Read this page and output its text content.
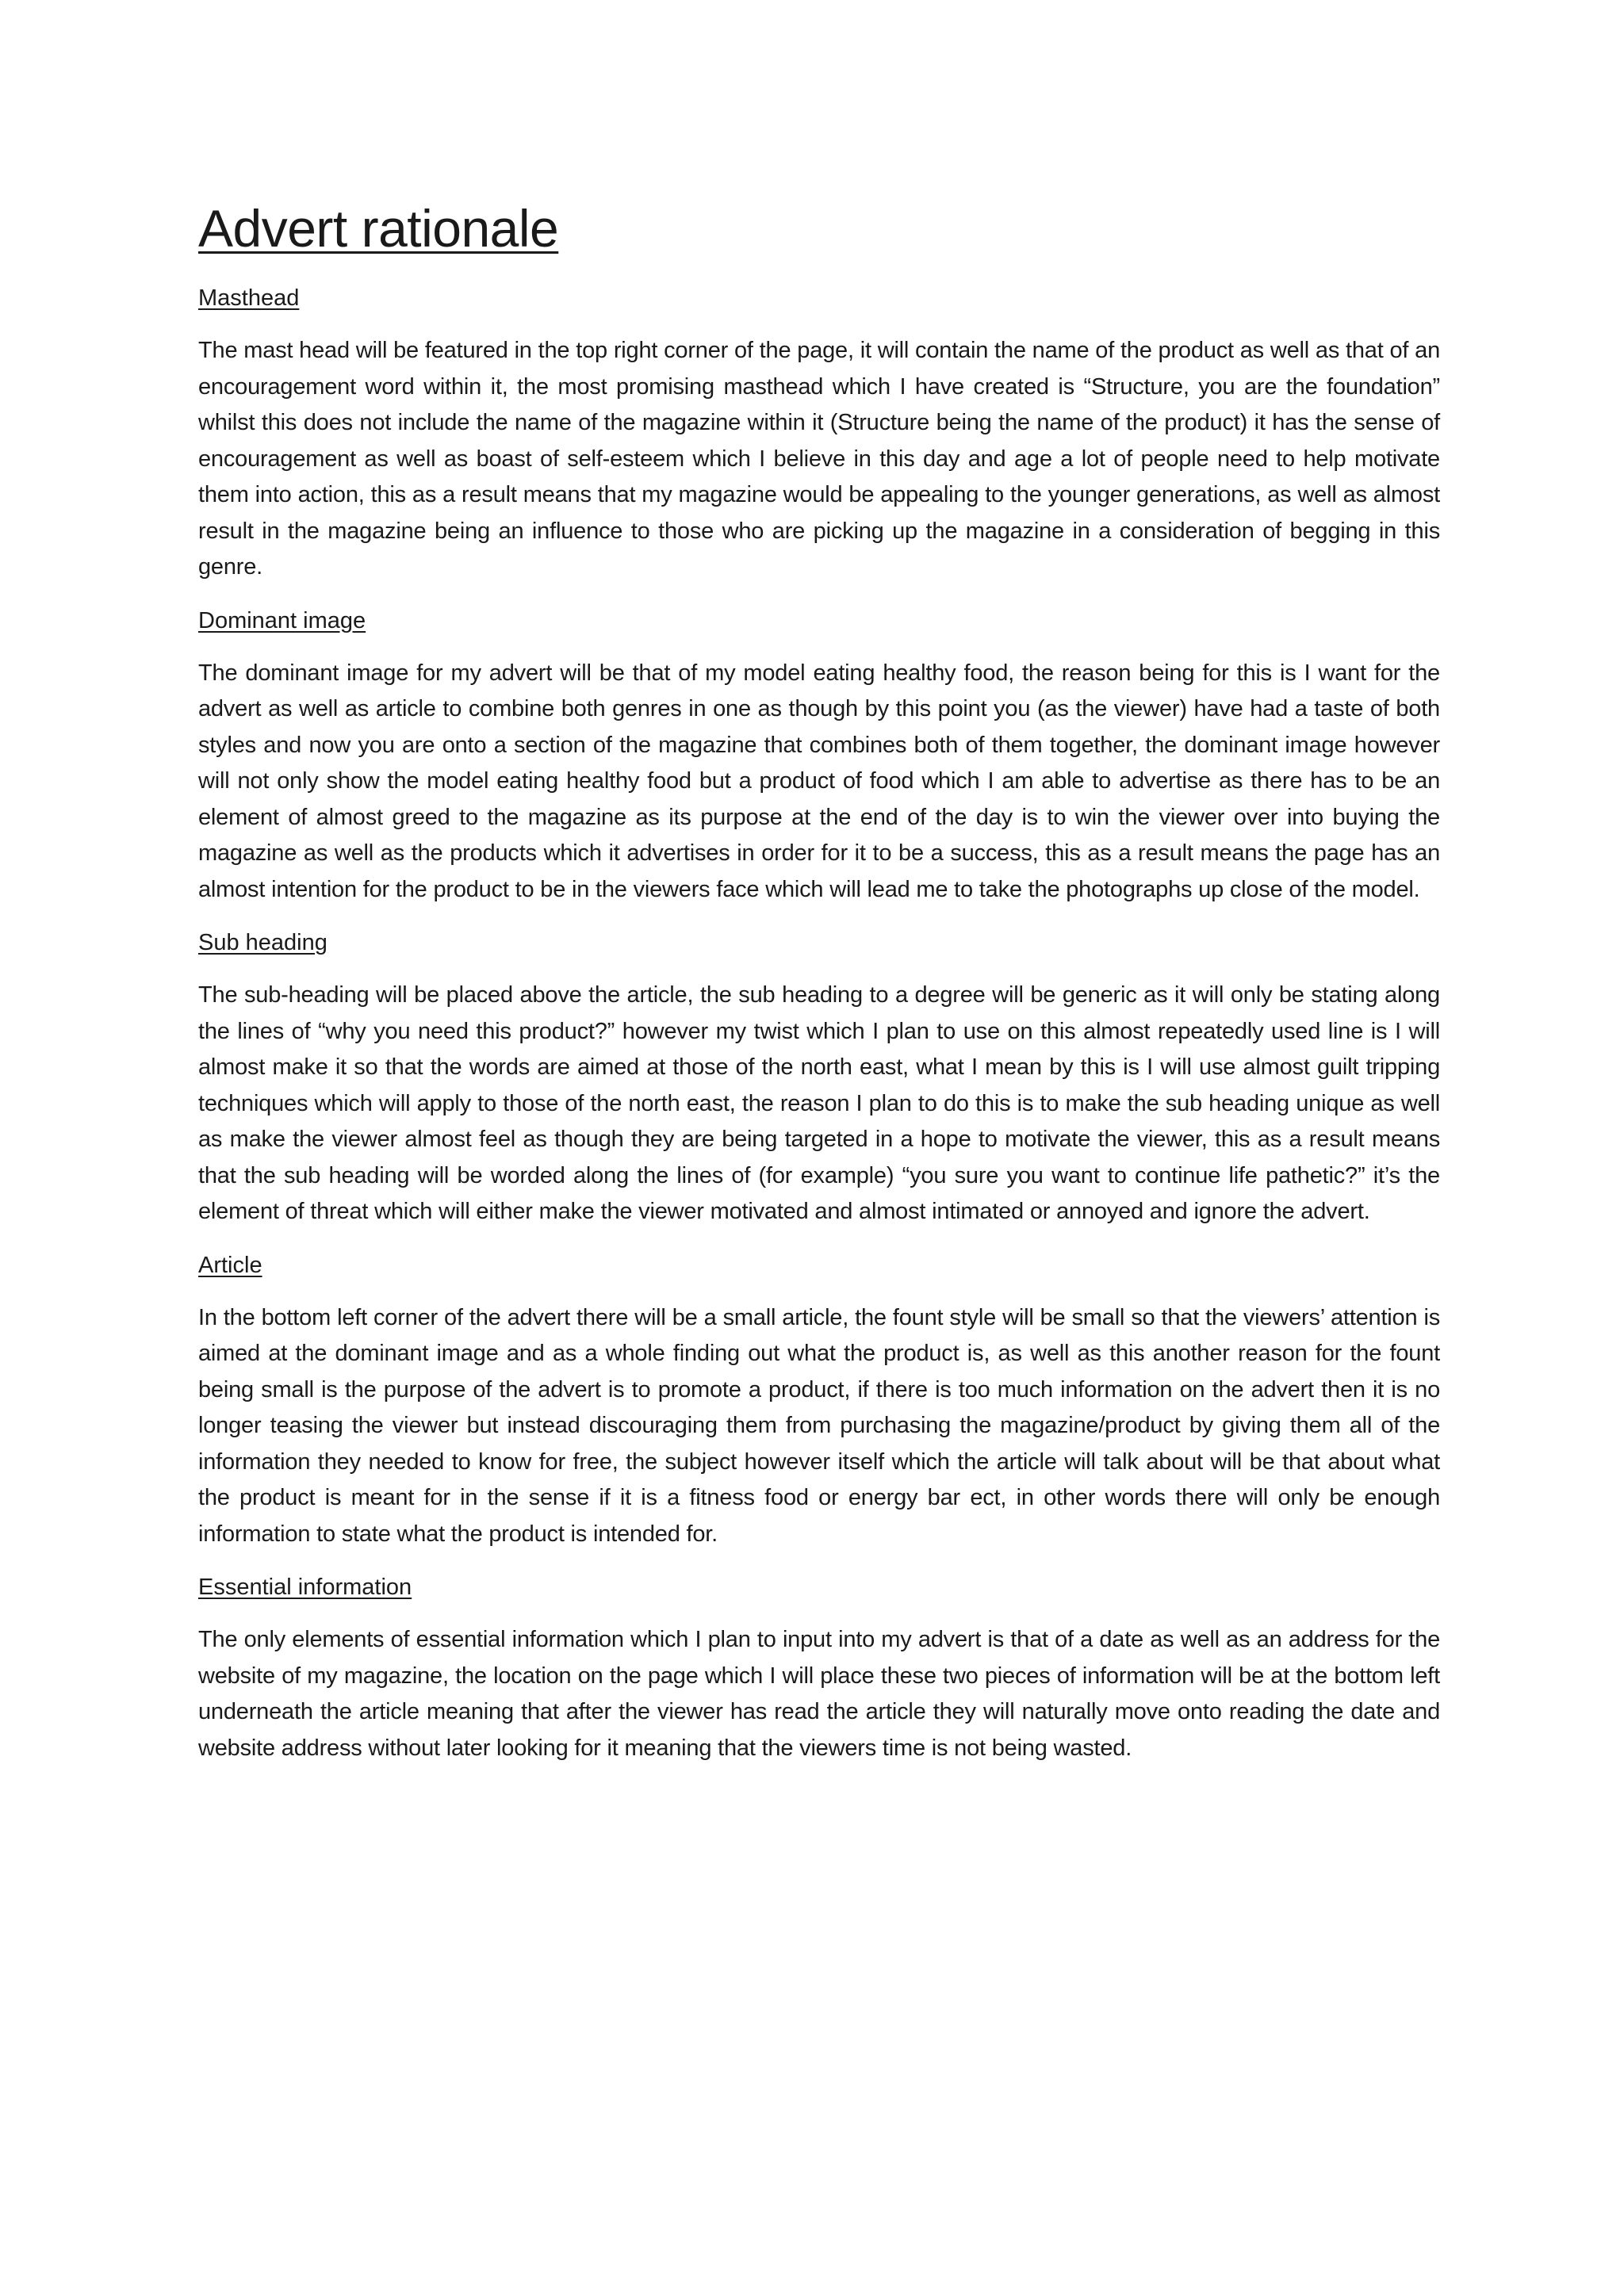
Advert rationale
Masthead

The mast head will be featured in the top right corner of the page, it will contain the name of the product as well as that of an encouragement word within it, the most promising masthead which I have created is “Structure, you are the foundation” whilst this does not include the name of the magazine within it (Structure being the name of the product) it has the sense of encouragement as well as boast of self-esteem which I believe in this day and age a lot of people need to help motivate them into action, this as a result means that my magazine would be appealing to the younger generations, as well as almost result in the magazine being an influence to those who are picking up the magazine in a consideration of begging in this genre.

Dominant image

The dominant image for my advert will be that of my model eating healthy food, the reason being for this is I want for the advert as well as article to combine both genres in one as though by this point you (as the viewer) have had a taste of both styles and now you are onto a section of the magazine that combines both of them together, the dominant image however will not only show the model eating healthy food but a product of food which I am able to advertise as there has to be an element of almost greed to the magazine as its purpose at the end of the day is to win the viewer over into buying the magazine as well as the products which it advertises in order for it to be a success, this as a result means the page has an almost intention for the product to be in the viewers face which will lead me to take the photographs up close of the model.

Sub heading

The sub-heading will be placed above the article, the sub heading to a degree will be generic as it will only be stating along the lines of “why you need this product?” however my twist which I plan to use on this almost repeatedly used line is I will almost make it so that the words are aimed at those of the north east, what I mean by this is I will use almost guilt tripping techniques which will apply to those of the north east, the reason I plan to do this is to make the sub heading unique as well as make the viewer almost feel as though they are being targeted in a hope to motivate the viewer, this as a result means that the sub heading will be worded along the lines of (for example) “you sure you want to continue life pathetic?” it’s the element of threat which will either make the viewer motivated and almost intimated or annoyed and ignore the advert.

Article

In the bottom left corner of the advert there will be a small article, the fount style will be small so that the viewers’ attention is aimed at the dominant image and as a whole finding out what the product is, as well as this another reason for the fount being small is the purpose of the advert is to promote a product, if there is too much information on the advert then it is no longer teasing the viewer but instead discouraging them from purchasing the magazine/product by giving them all of the information they needed to know for free, the subject however itself which the article will talk about will be that about what the product is meant for in the sense if it is a fitness food or energy bar ect, in other words there will only be enough information to state what the product is intended for.

Essential information

The only elements of essential information which I plan to input into my advert is that of a date as well as an address for the website of my magazine, the location on the page which I will place these two pieces of information will be at the bottom left underneath the article meaning that after the viewer has read the article they will naturally move onto reading the date and website address without later looking for it meaning that the viewers time is not being wasted.
